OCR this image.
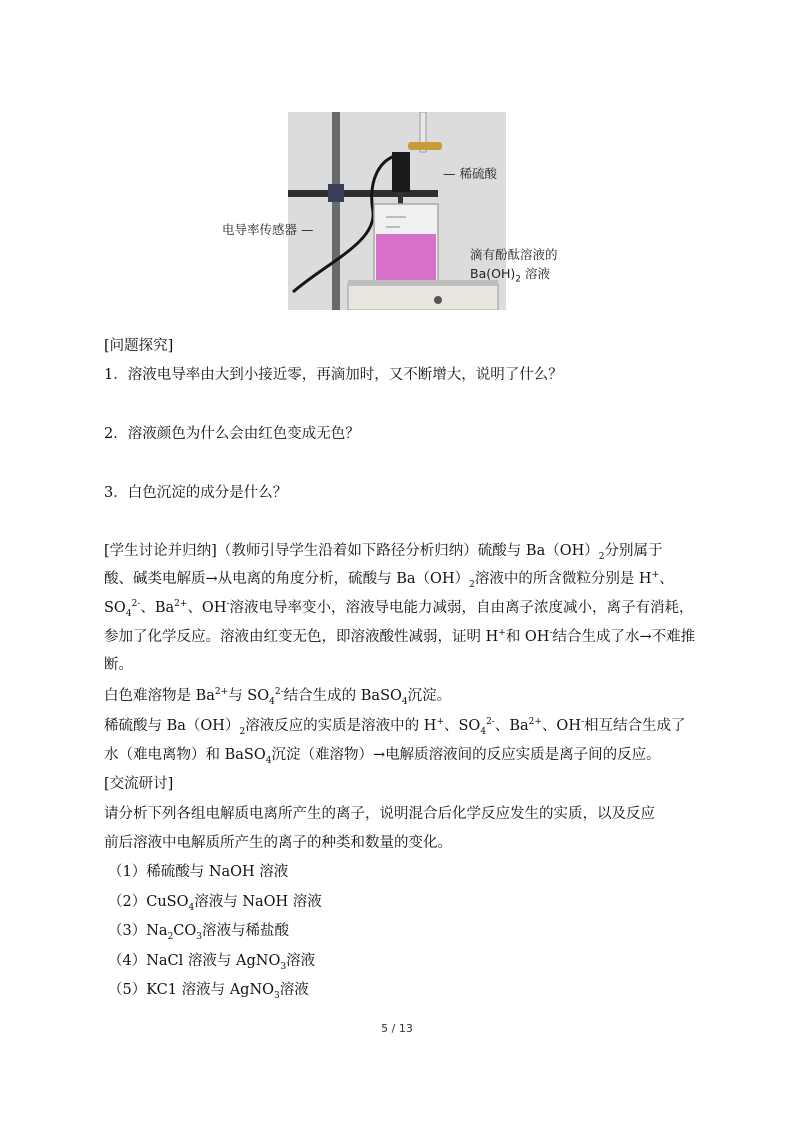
电导率传感器 —
滴有酚酞溶液的
$Ba(OH)_2$ 溶液
— 稀硫酸
[问题探究]
1．溶液电导率由大到小接近零，再滴加时，又不断增大，说明了什么？
2．溶液颜色为什么会由红色变成无色？
3．白色沉淀的成分是什么？
[学生讨论并归纳]（教师引导学生沿着如下路径分析归纳）硫酸与 $Ba(OH)_2$分别属于
酸、碱类电解质→从电离的角度分析，硫酸与 $Ba(OH)_2$溶液中的所含微粒分别是 H+、
$SO_4^{2-}$、$Ba^{2+}$、OH-溶液电导率变小，溶液导电能力减弱，自由离子浓度减小，离子有消耗，
参加了化学反应。溶液由红变无色，即溶液酸性减弱，证明 H+和 OH-结合生成了水→不难推
断。
白色难溶物是 $Ba^{2+}$与 $SO_4^{2-}$结合生成的 BaSO$_4$沉淀。
稀硫酸与 $Ba(OH)_2$溶液反应的实质是溶液中的 H+、$SO_4^{2-}$、$Ba^{2+}$、OH-相互结合生成了
水（难电离物）和 BaSO$_4$沉淀（难溶物）→电解质溶液间的反应实质是离子间的反应。
[交流研讨]
请分析下列各组电解质电离所产生的离子，说明混合后化学反应发生的实质，以及反应
前后溶液中电解质所产生的离子的种类和数量的变化。
（1）稀硫酸与 NaOH 溶液
（2）CuSO$_4$溶液与 NaOH 溶液
$(3)Na_2CO_3$溶液与稀盐酸
（4）NaCl 溶液与 AgNO$_3$溶液
（5）KC1 溶液与 AgNO$_3$溶液
5 / 13
